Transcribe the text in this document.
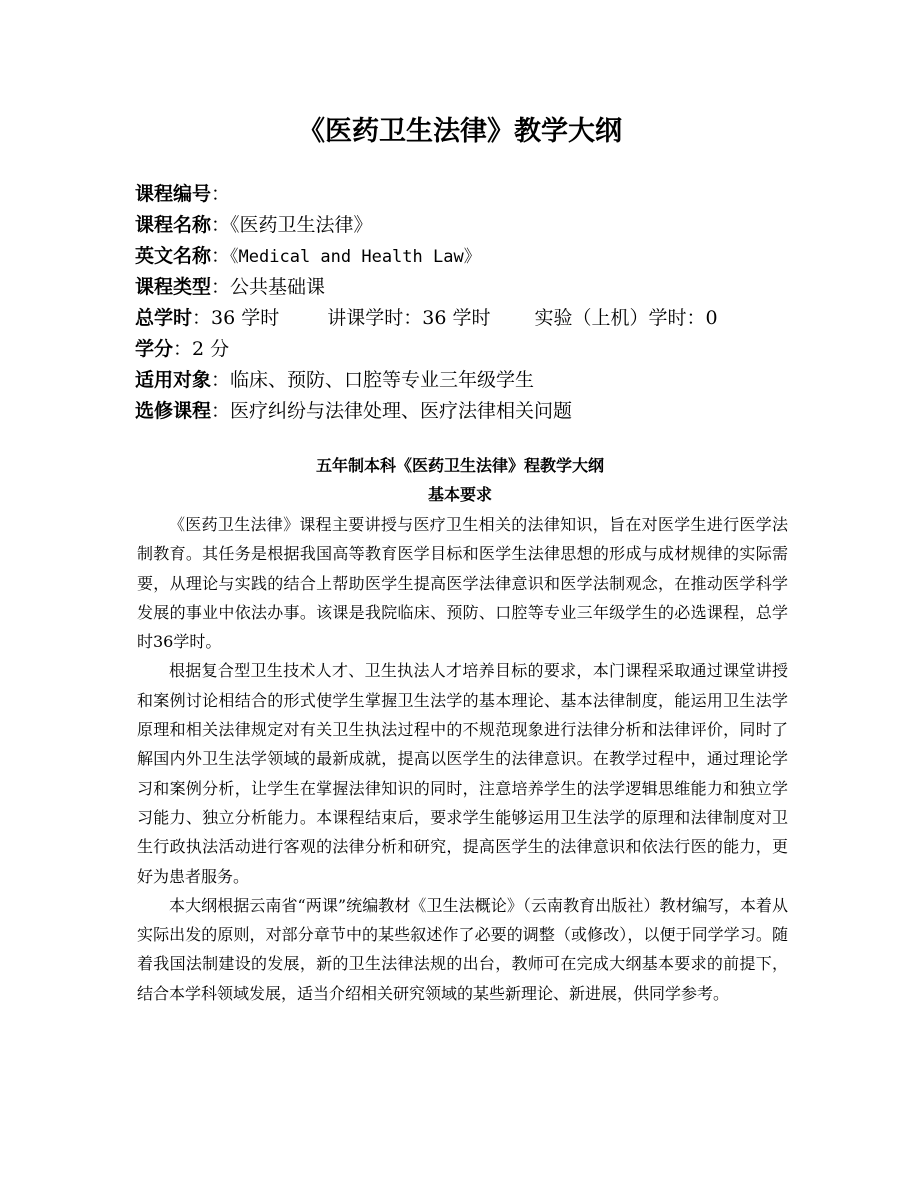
《医药卫生法律》教学大纲
课程编号：
课程名称：《医药卫生法律》
英文名称：《Medical and Health Law》
课程类型：公共基础课
总学时：36 学时	讲课学时：36 学时 实验（上机）学时：0
学分：2 分
适用对象：临床、预防、口腔等专业三年级学生
选修课程：医疗纠纷与法律处理、医疗法律相关问题
五年制本科《医药卫生法律》程教学大纲
基本要求

《医药卫生法律》课程主要讲授与医疗卫生相关的法律知识，旨在对医学生进行医学法制教育。其任务是根据我国高等教育医学目标和医学生法律思想的形成与成材规律的实际需要，从理论与实践的结合上帮助医学生提高医学法律意识和医学法制观念，在推动医学科学发展的事业中依法办事。该课是我院临床、预防、口腔等专业三年级学生的必选课程，总学时36学时。

根据复合型卫生技术人才、卫生执法人才培养目标的要求，本门课程采取通过课堂讲授和案例讨论相结合的形式使学生掌握卫生法学的基本理论、基本法律制度，能运用卫生法学原理和相关法律规定对有关卫生执法过程中的不规范现象进行法律分析和法律评价，同时了解国内外卫生法学领域的最新成就，提高以医学生的法律意识。在教学过程中，通过理论学习和案例分析，让学生在掌握法律知识的同时，注意培养学生的法学逻辑思维能力和独立学习能力、独立分析能力。本课程结束后，要求学生能够运用卫生法学的原理和法律制度对卫生行政执法活动进行客观的法律分析和研究，提高医学生的法律意识和依法行医的能力，更好为患者服务。

本大纲根据云南省“两课”统编教材《卫生法概论》（云南教育出版社）教材编写，本着从实际出发的原则，对部分章节中的某些叙述作了必要的调整（或修改），以便于同学学习。随着我国法制建设的发展，新的卫生法律法规的出台，教师可在完成大纲基本要求的前提下，结合本学科领域发展，适当介绍相关研究领域的某些新理论、新进展，供同学参考。
